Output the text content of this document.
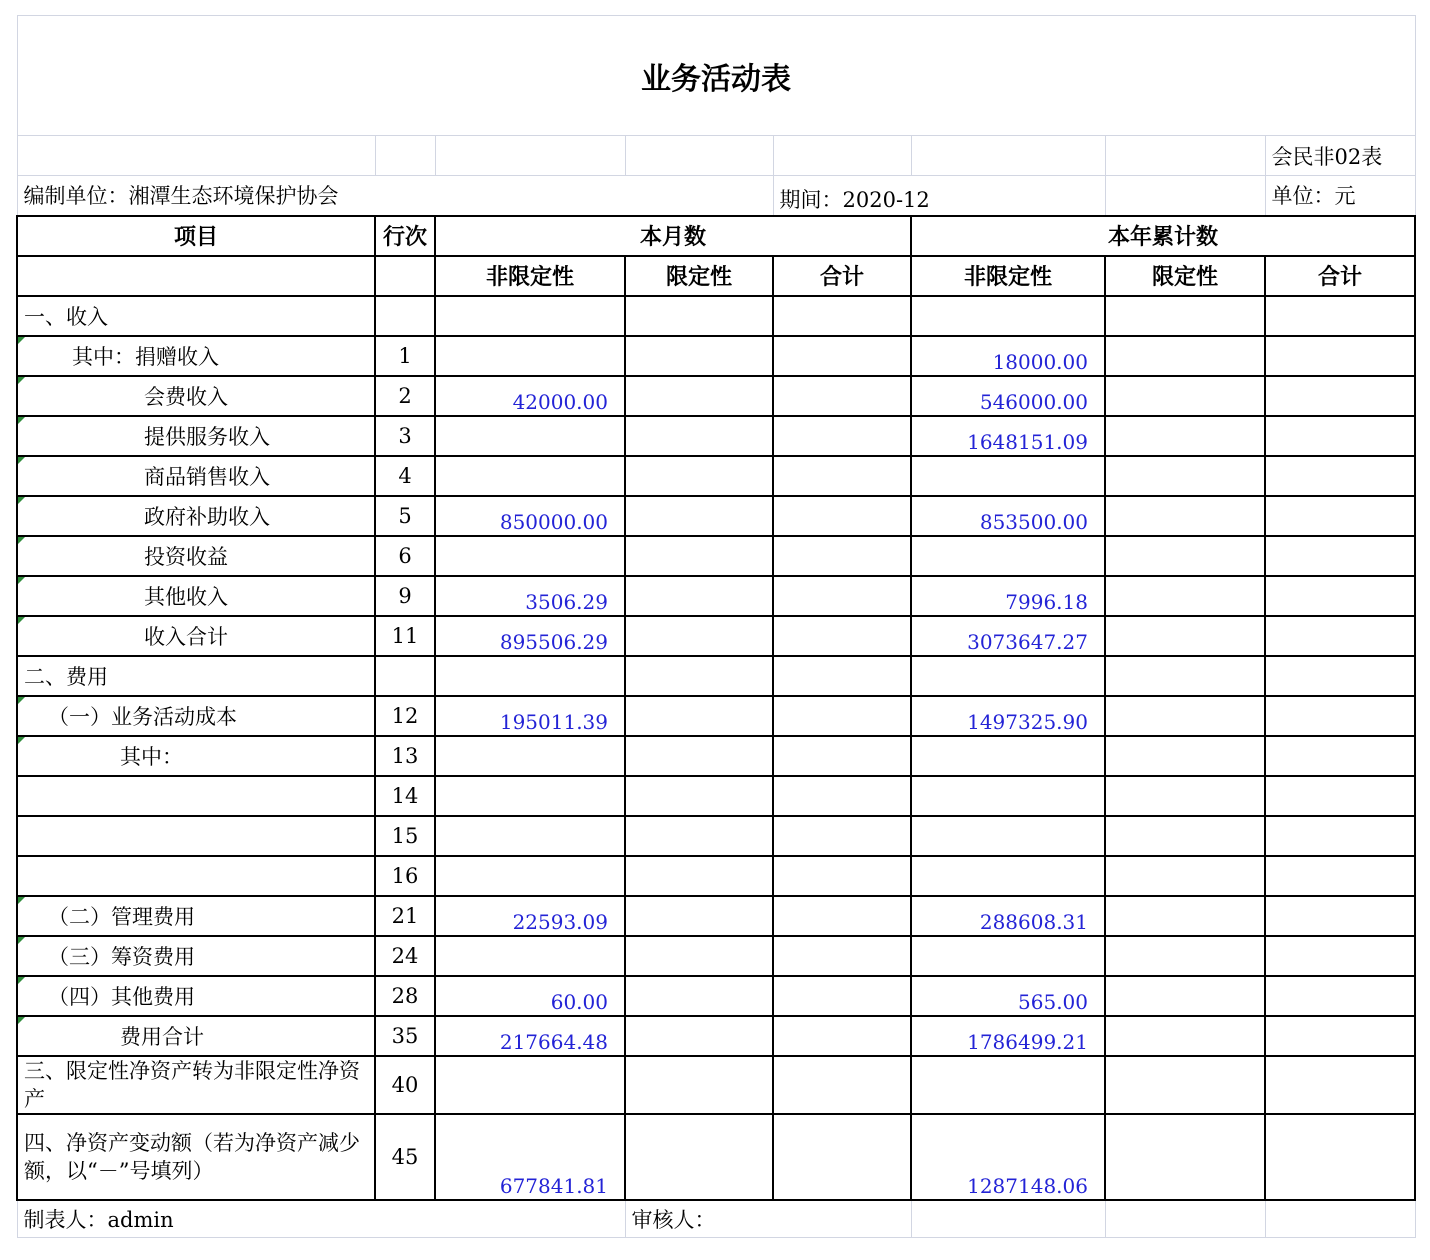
业务活动表							
							会民非02表
编制单位：湘潭生态环境保护协会				期间：2020-12			单位：元
项目	行次	本月数			本年累计数		
		非限定性	限定性	合计	非限定性	限定性	合计
一、收入							
其中：捐赠收入	1				18000.00		
会费收入	2	42000.00			546000.00		
提供服务收入	3				1648151.09		
商品销售收入	4						
政府补助收入	5	850000.00			853500.00		
投资收益	6						
其他收入	9	3506.29			7996.18		
收入合计	11	895506.29			3073647.27		
二、费用							
（一）业务活动成本	12	195011.39			1497325.90		
其中：	13						
	14						
	15						
	16						
（二）管理费用	21	22593.09			288608.31		
（三）筹资费用	24						
（四）其他费用	28	60.00			565.00		
费用合计	35	217664.48			1786499.21		
三、限定性净资产转为非限定性净资产	40						
四、净资产变动额（若为净资产减少额，以“－”号填列）	45	677841.81			1287148.06		
制表人：admin			审核人：				
